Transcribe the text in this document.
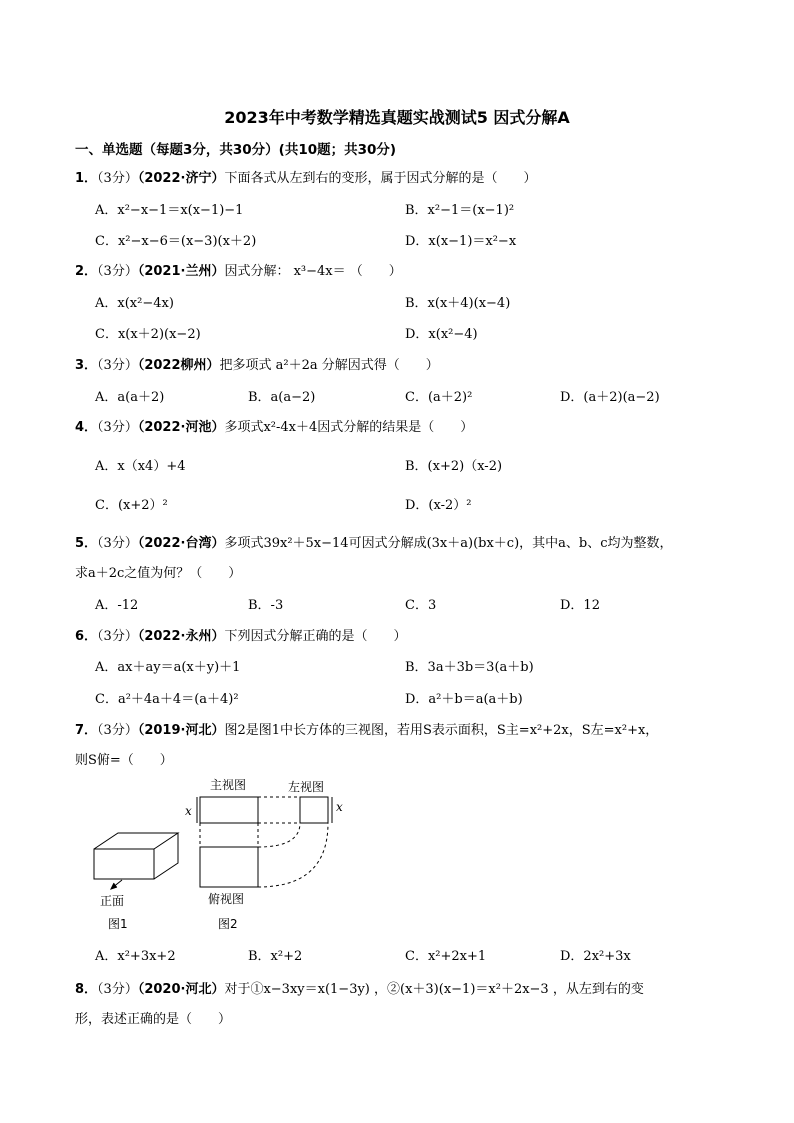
2023年中考数学精选真题实战测试5 因式分解A
一、单选题（每题3分，共30分）(共10题；共30分)
1．（3分）（2022·济宁）下面各式从左到右的变形，属于因式分解的是（　　）
A．x²−x−1＝x(x−1)−1	B．x²−1＝(x−1)²
C．x²−x−6＝(x−3)(x＋2)	D．x(x−1)＝x²−x
2．（3分）（2021·兰州）因式分解： x³−4x＝ （　　）
A．x(x²−4x)	B．x(x＋4)(x−4)
C．x(x＋2)(x−2)	D．x(x²−4)
3．（3分）（2022柳州）把多项式 a²＋2a 分解因式得（　　）
A．a(a＋2)	B．a(a−2)	C．(a＋2)²	D．(a＋2)(a−2)
4．（3分）（2022·河池）多项式x²-4x＋4因式分解的结果是（　　）
A．x（x4）+4	B．(x+2)（x-2)
C．(x+2）²	D．(x-2）²
5．（3分）（2022·台湾）多项式39x²＋5x−14可因式分解成(3x＋a)(bx＋c)，其中a、b、c均为整数，
求a＋2c之值为何？（　　）
A．-12	B．-3	C．3	D．12
6．（3分）（2022·永州）下列因式分解正确的是（　　）
A．ax＋ay＝a(x＋y)＋1	B．3a＋3b＝3(a＋b)
C．a²＋4a＋4＝(a＋4)²	D．a²＋b＝a(a＋b)
7．（3分）（2019·河北）图2是图1中长方体的三视图，若用S表示面积，S主=x²+2x，S左=x²+x，
则S俯=（　　）
正面
图1
主视图	左视图
俯视图
图2
x	x
A．x²+3x+2	B．x²+2	C．x²+2x+1	D．2x²+3x
8．（3分）（2020·河北）对于①x−3xy＝x(1−3y) ，②(x＋3)(x−1)＝x²＋2x−3 ，从左到右的变
形，表述正确的是（　　）
